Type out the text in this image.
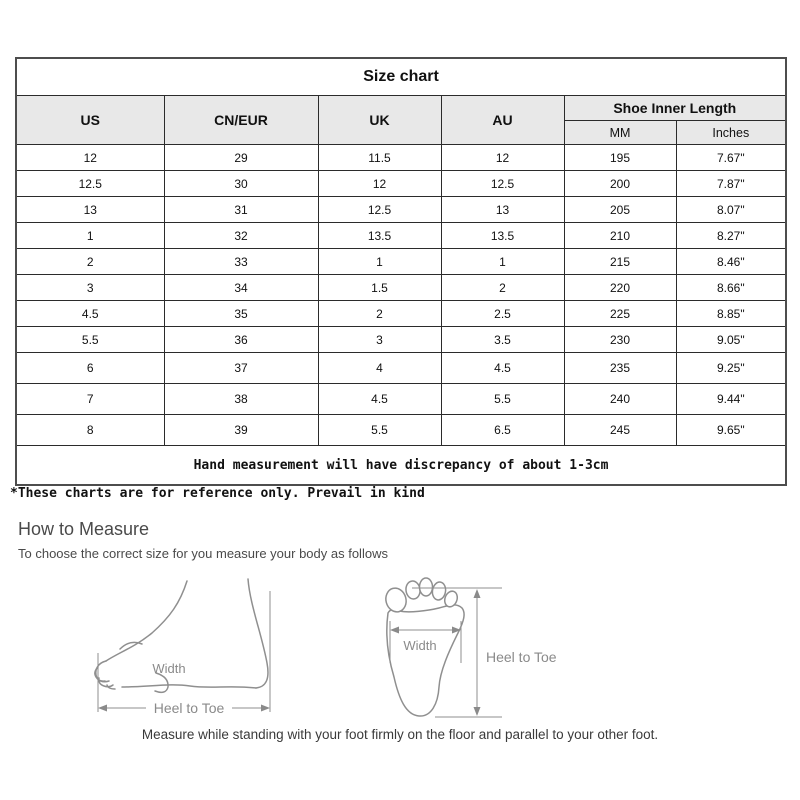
Size chart					
US	CN/EUR	UK	AU	Shoe Inner Length	
				MM	Inches
12	29	11.5	12	195	7.67"
12.5	30	12	12.5	200	7.87"
13	31	12.5	13	205	8.07"
1	32	13.5	13.5	210	8.27"
2	33	1	1	215	8.46"
3	34	1.5	2	220	8.66"
4.5	35	2	2.5	225	8.85"
5.5	36	3	3.5	230	9.05"
6	37	4	4.5	235	9.25"
7	38	4.5	5.5	240	9.44"
8	39	5.5	6.5	245	9.65"
Hand measurement will have discrepancy of about 1-3cm					
*These charts are for reference only. Prevail in kind
How to Measure
To choose the correct size for you measure your body as follows
Width
Heel to Toe
Width
Heel to Toe
Measure while standing with your foot firmly on the floor and parallel to your other foot.
